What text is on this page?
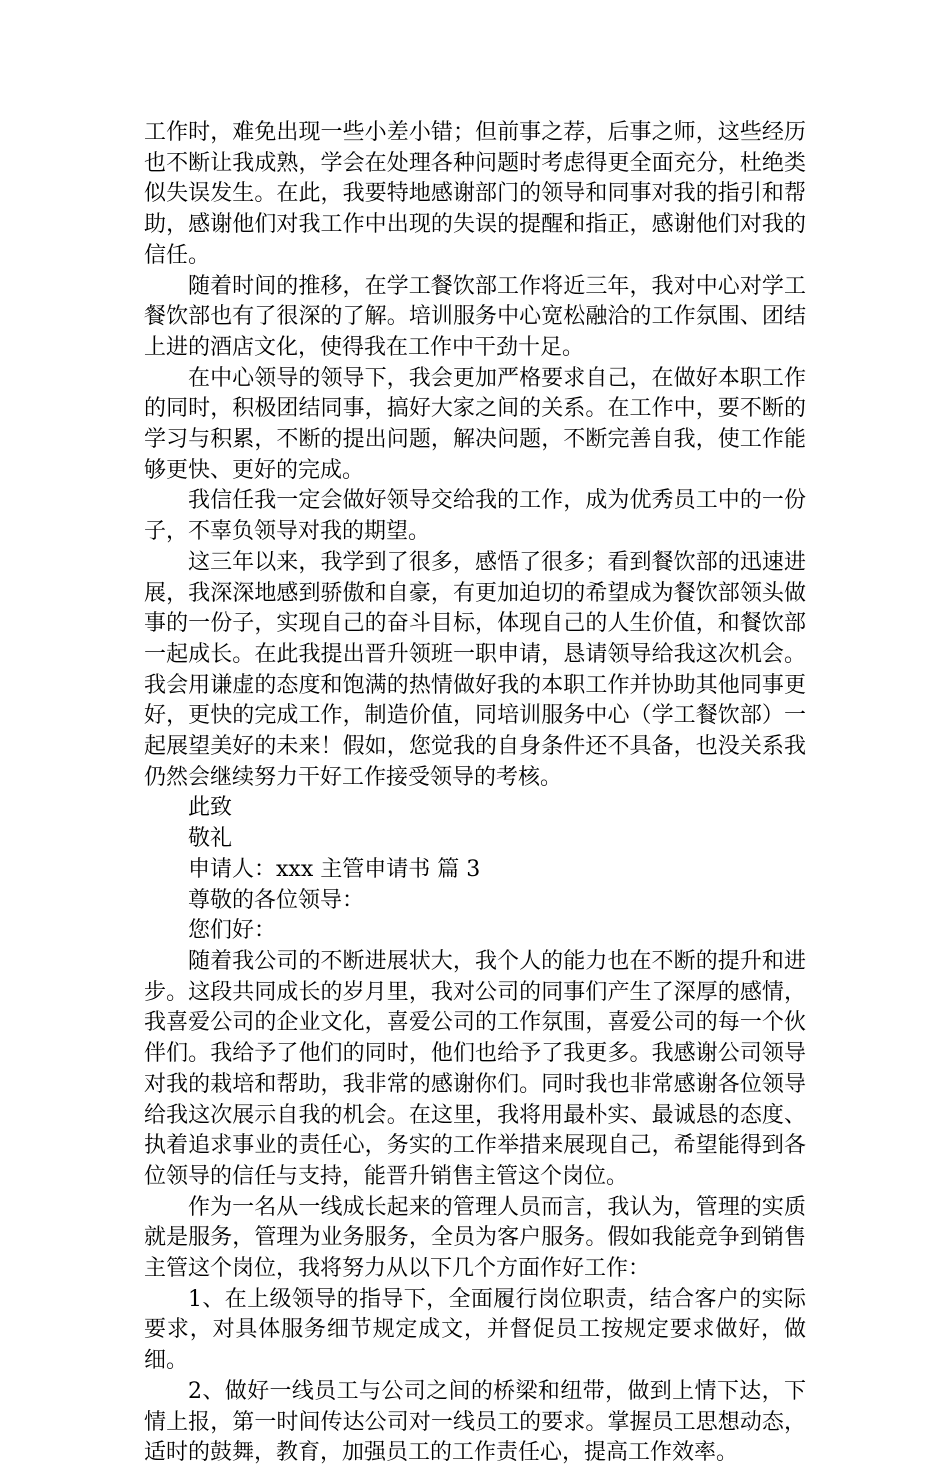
工作时，难免出现一些小差小错；但前事之荐，后事之师，这些经历也不断让我成熟，学会在处理各种问题时考虑得更全面充分，杜绝类似失误发生。在此，我要特地感谢部门的领导和同事对我的指引和帮助，感谢他们对我工作中出现的失误的提醒和指正，感谢他们对我的信任。

随着时间的推移，在学工餐饮部工作将近三年，我对中心对学工餐饮部也有了很深的了解。培训服务中心宽松融洽的工作氛围、团结上进的酒店文化，使得我在工作中干劲十足。

在中心领导的领导下，我会更加严格要求自己，在做好本职工作的同时，积极团结同事，搞好大家之间的关系。在工作中，要不断的学习与积累，不断的提出问题，解决问题，不断完善自我，使工作能够更快、更好的完成。

我信任我一定会做好领导交给我的工作，成为优秀员工中的一份子，不辜负领导对我的期望。

这三年以来，我学到了很多，感悟了很多；看到餐饮部的迅速进展，我深深地感到骄傲和自豪，有更加迫切的希望成为餐饮部领头做事的一份子，实现自己的奋斗目标，体现自己的人生价值，和餐饮部一起成长。在此我提出晋升领班一职申请，恳请领导给我这次机会。我会用谦虚的态度和饱满的热情做好我的本职工作并协助其他同事更好，更快的完成工作，制造价值，同培训服务中心（学工餐饮部）一起展望美好的未来！假如，您觉我的自身条件还不具备，也没关系我仍然会继续努力干好工作接受领导的考核。

此致

敬礼

申请人：xxx 主管申请书 篇 3

尊敬的各位领导：

您们好：

随着我公司的不断进展状大，我个人的能力也在不断的提升和进步。这段共同成长的岁月里，我对公司的同事们产生了深厚的感情，我喜爱公司的企业文化，喜爱公司的工作氛围，喜爱公司的每一个伙伴们。我给予了他们的同时，他们也给予了我更多。我感谢公司领导对我的栽培和帮助，我非常的感谢你们。同时我也非常感谢各位领导给我这次展示自我的机会。在这里，我将用最朴实、最诚恳的态度、执着追求事业的责任心，务实的工作举措来展现自己，希望能得到各位领导的信任与支持，能晋升销售主管这个岗位。

作为一名从一线成长起来的管理人员而言，我认为，管理的实质就是服务，管理为业务服务，全员为客户服务。假如我能竞争到销售主管这个岗位，我将努力从以下几个方面作好工作：

1、在上级领导的指导下，全面履行岗位职责，结合客户的实际要求，对具体服务细节规定成文，并督促员工按规定要求做好，做细。

2、做好一线员工与公司之间的桥梁和纽带，做到上情下达，下情上报，第一时间传达公司对一线员工的要求。掌握员工思想动态，适时的鼓舞，教育，加强员工的工作责任心，提高工作效率。
